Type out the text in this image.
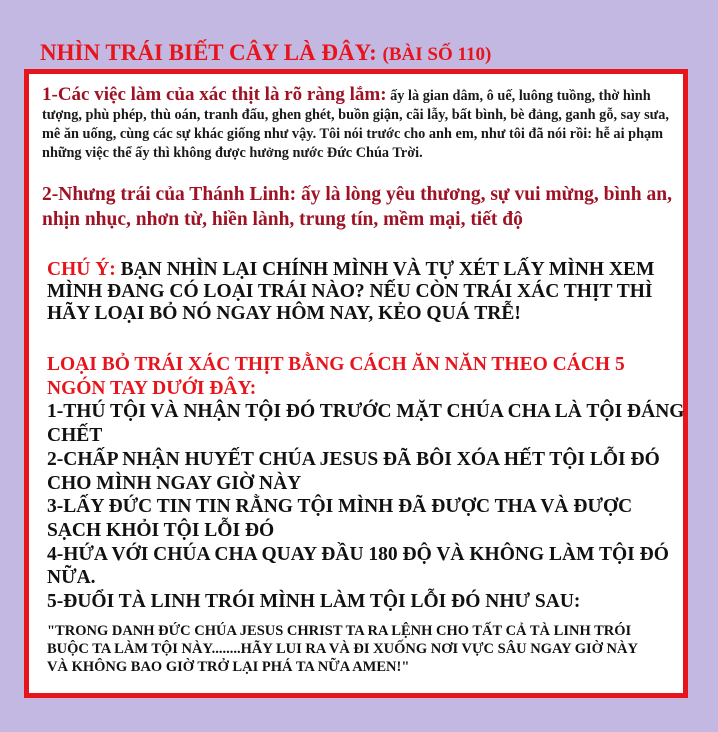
NHÌN TRÁI BIẾT CÂY LÀ ĐÂY: (BÀI SỐ 110)
1-Các việc làm của xác thịt là rõ ràng lắm: ấy là gian dâm, ô uế, luông tuồng, thờ hình tượng, phù phép, thù oán, tranh đấu, ghen ghét, buồn giận, cãi lẫy, bất bình, bè đảng, ganh gỗ, say sưa, mê ăn uống, cùng các sự khác giống như vậy. Tôi nói trước cho anh em, như tôi đã nói rồi: hễ ai phạm những việc thể ấy thì không được hưởng nước Đức Chúa Trời.
2-Nhưng trái của Thánh Linh: ấy là lòng yêu thương, sự vui mừng, bình an, nhịn nhục, nhơn từ, hiền lành, trung tín, mềm mại, tiết độ
CHÚ Ý: BẠN NHÌN LẠI CHÍNH MÌNH VÀ TỰ XÉT LẤY MÌNH XEM MÌNH ĐANG CÓ LOẠI TRÁI NÀO? NẾU CÒN TRÁI XÁC THỊT THÌ HÃY LOẠI BỎ NÓ NGAY HÔM NAY, KẺO QUÁ TRỄ!
LOẠI BỎ TRÁI XÁC THỊT BẰNG CÁCH ĂN NĂN THEO CÁCH 5 NGÓN TAY DƯỚI ĐÂY:
1-THÚ TỘI VÀ NHẬN TỘI ĐÓ TRƯỚC MẶT CHÚA CHA LÀ TỘI ĐÁNG CHẾT
2-CHẤP NHẬN HUYẾT CHÚA JESUS ĐÃ BÔI XÓA HẾT TỘI LỖI ĐÓ CHO MÌNH NGAY GIỜ NÀY
3-LẤY ĐỨC TIN TIN RẰNG TỘI MÌNH ĐÃ ĐƯỢC THA VÀ ĐƯỢC SẠCH KHỎI TỘI LỖI ĐÓ
4-HỨA VỚI CHÚA CHA QUAY ĐẦU 180 ĐỘ VÀ KHÔNG LÀM TỘI ĐÓ NỮA.
5-ĐUỔI TÀ LINH TRÓI MÌNH LÀM TỘI LỖI ĐÓ NHƯ SAU:
"TRONG DANH ĐỨC CHÚA JESUS CHRIST TA RA LỆNH CHO TẤT CẢ TÀ LINH TRÓI BUỘC TA LÀM TỘI NÀY........HÃY LUI RA VÀ ĐI XUỐNG NƠI VỰC SÂU NGAY GIỜ NÀY VÀ KHÔNG BAO GIỜ TRỞ LẠI PHÁ TA NỮA AMEN!"
